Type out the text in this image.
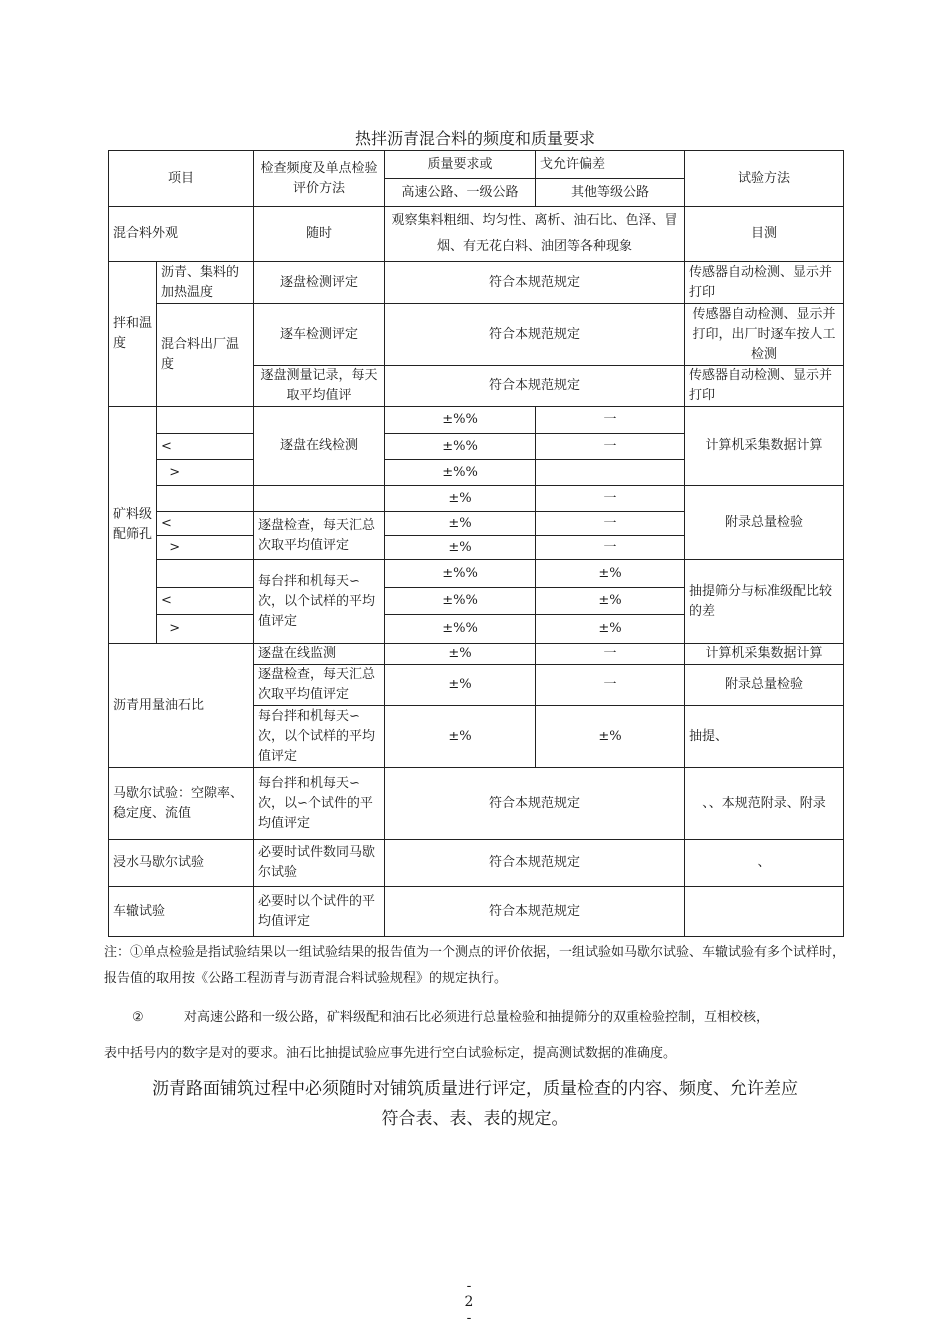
热拌沥青混合料的频度和质量要求
项目		检查频度及单点检验评价方法	质量要求或	戈允许偏差	试验方法
			高速公路、一级公路	其他等级公路	
混合料外观		随时	观察集料粗细、均匀性、离析、油石比、色泽、冒烟、有无花白料、油团等各种现象		目测
拌和温度	沥青、集料的加热温度	逐盘检测评定	符合本规范规定		传感器自动检测、显示并打印
	混合料出厂温度	逐车检测评定	符合本规范规定		传感器自动检测、显示并打印，出厂时逐车按人工检测
		逐盘测量记录，每天取平均值评	符合本规范规定		传感器自动检测、显示并打印
矿料级配筛孔		逐盘在线检测	±%%	一	计算机采集数据计算
	<		±%%	一	
	>		±%%		
			±%	一	附录总量检验
	<	逐盘检查，每天汇总次取平均值评定	±%	一	
	>		±%	一	
		每台拌和机每天∽次，以个试样的平均值评定	±%%	±%	抽提筛分与标准级配比较的差
	<		±%%	±%	
	>		±%%	±%	
沥青用量油石比		逐盘在线监测	±%	一	计算机采集数据计算
		逐盘检查，每天汇总次取平均值评定	±%	一	附录总量检验
		每台拌和机每天∽次，以个试样的平均值评定	±%	±%	抽提、
马歇尔试验：空隙率、稳定度、流值		每台拌和机每天∽次，以∽个试件的平均值评定	符合本规范规定		、、本规范附录、附录
浸水马歇尔试验		必要时试件数同马歇尔试验	符合本规范规定		、
车辙试验		必要时以个试件的平均值评定	符合本规范规定		
注：①单点检验是指试验结果以一组试验结果的报告值为一个测点的评价依据，一组试验如马歇尔试验、车辙试验有多个试样时，报告值的取用按《公路工程沥青与沥青混合料试验规程》的规定执行。
②	对高速公路和一级公路，矿料级配和油石比必须进行总量检验和抽提筛分的双重检验控制，互相校核，
表中括号内的数字是对的要求。油石比抽提试验应事先进行空白试验标定，提高测试数据的准确度。
沥青路面铺筑过程中必须随时对铺筑质量进行评定，质量检查的内容、频度、允许差应
符合表、表、表的规定。
-
2
-
